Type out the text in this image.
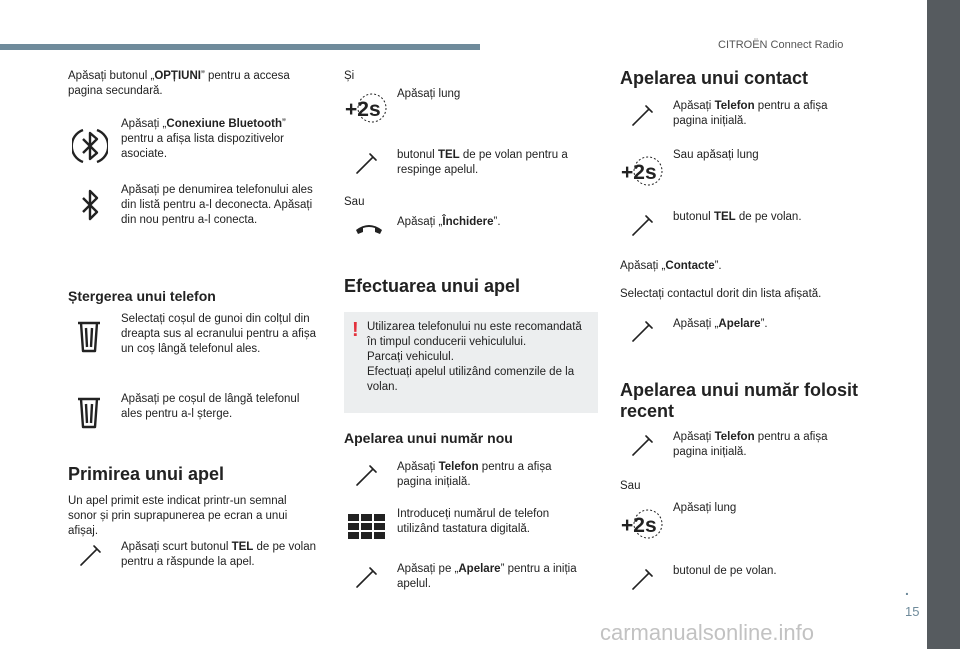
CITROËN Connect Radio
.
15
carmanualsonline.info
Apăsați butonul „OPȚIUNI” pentru a accesa pagina secundară.
Apăsați „Conexiune Bluetooth” pentru a afișa lista dispozitivelor asociate.
Apăsați pe denumirea telefonului ales din listă pentru a-l deconecta. Apăsați din nou pentru a-l conecta.
Ștergerea unui telefon
Selectați coșul de gunoi din colțul din dreapta sus al ecranului pentru a afișa un coș lângă telefonul ales.
Apăsați pe coșul de lângă telefonul ales pentru a-l șterge.
Primirea unui apel
Un apel primit este indicat printr-un semnal sonor și prin suprapunerea pe ecran a unui afișaj.
Apăsați scurt butonul TEL de pe volan pentru a răspunde la apel.
Și
+2s
Apăsați lung
butonul TEL de pe volan pentru a respinge apelul.
Sau
Apăsați „Închidere”.
Efectuarea unui apel
! Utilizarea telefonului nu este recomandată în timpul conducerii vehiculului.
Parcați vehiculul.
Efectuați apelul utilizând comenzile de la volan.
Apelarea unui număr nou
Apăsați Telefon pentru a afișa pagina inițială.
Introduceți numărul de telefon utilizând tastatura digitală.
Apăsați pe „Apelare” pentru a iniția apelul.
Apelarea unui contact
Apăsați Telefon pentru a afișa pagina inițială.
+2s
Sau apăsați lung
butonul TEL de pe volan.
Apăsați „Contacte”.
Selectați contactul dorit din lista afișată.
Apăsați „Apelare”.
Apelarea unui număr folosit recent
Apăsați Telefon pentru a afișa pagina inițială.
Sau
+2s
Apăsați lung
butonul de pe volan.
